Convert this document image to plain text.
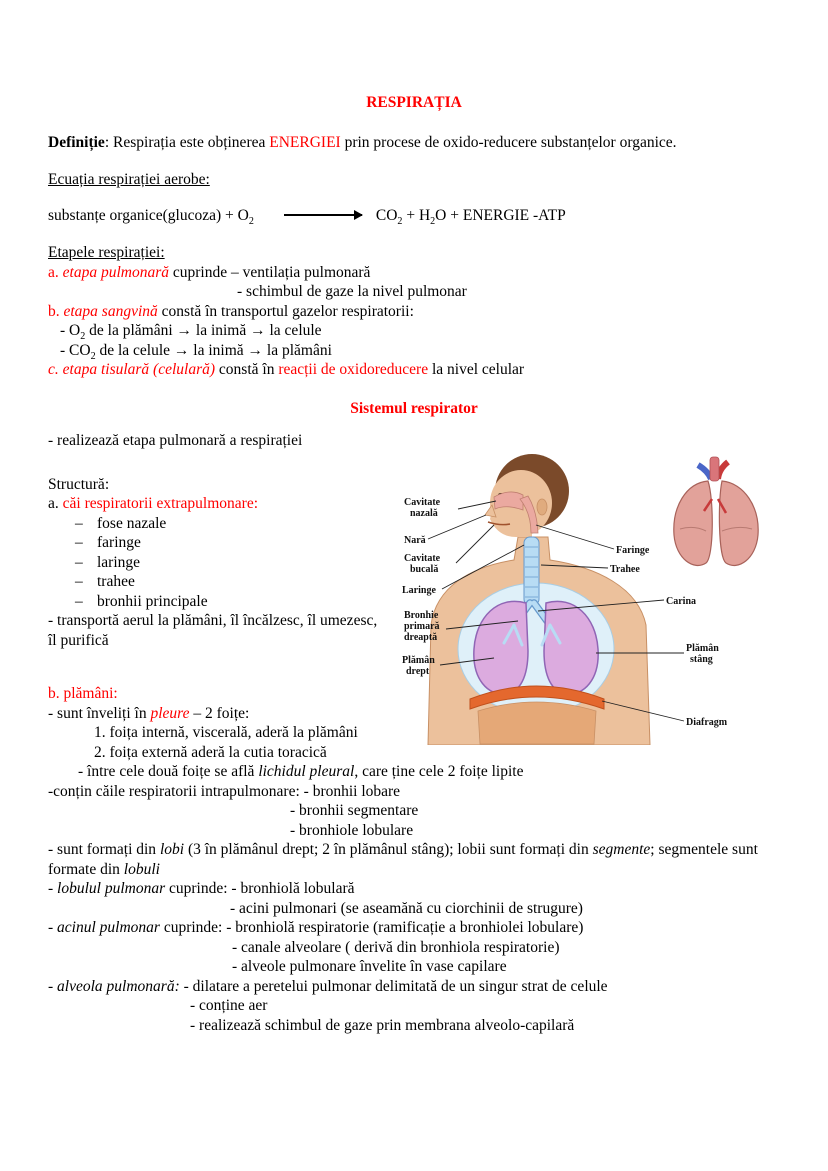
RESPIRAȚIA
Definiție: Respirația este obținerea ENERGIEI prin procese de oxido-reducere substanțelor organice.
Ecuația respirației aerobe:
substanțe organice(glucoza) + $O_2$	$CO_2 + H_2O$ + ENERGIE -ATP
Etapele respirației:
a. etapa pulmonară cuprinde – ventilația pulmonară
- schimbul de gaze la nivel pulmonar
b. etapa sangvină constă în transportul gazelor respiratorii:
- $O_2$ de la plămâni → la inimă → la celule
- $CO_2$ de la celule → la inimă → la plămâni
c. etapa tisulară (celulară) constă în reacții de oxidoreducere la nivel celular
Sistemul respirator
- realizează etapa pulmonară a respirației
Cavitate
nazală
Nară
Cavitate
bucală
Laringe
Bronhie
primară
dreaptă
Plămân
drept
Faringe
Trahee
Carina
Plămân
stâng
Diafragm
Structură:
a. căi respiratorii extrapulmonare:
– fose nazale
– faringe
– laringe
– trahee
– bronhii principale
- transportă aerul la plămâni, îl încălzesc, îl umezesc, îl purifică
b. plămâni:
- sunt înveliți în pleure – 2 foițe:
1. foița internă, viscerală, aderă la plămâni
2. foița externă aderă la cutia toracică
- între cele două foițe se află lichidul pleural, care ține cele 2 foițe lipite
-conțin căile respiratorii intrapulmonare: - bronhii lobare
- bronhii segmentare
- bronhiole lobulare
- sunt formați din lobi (3 în plămânul drept; 2 în plămânul stâng); lobii sunt formați din segmente; segmentele sunt formate din lobuli
- lobulul pulmonar cuprinde: - bronhiolă lobulară
- acini pulmonari (se aseamănă cu ciorchinii de strugure)
- acinul pulmonar cuprinde: - bronhiolă respiratorie (ramificație a bronhiolei lobulare)
- canale alveolare ( derivă din bronhiola respiratorie)
- alveole pulmonare învelite în vase capilare
- alveola pulmonară: - dilatare a peretelui pulmonar delimitată de un singur strat de celule
- conține aer
- realizează schimbul de gaze prin membrana alveolo-capilară
